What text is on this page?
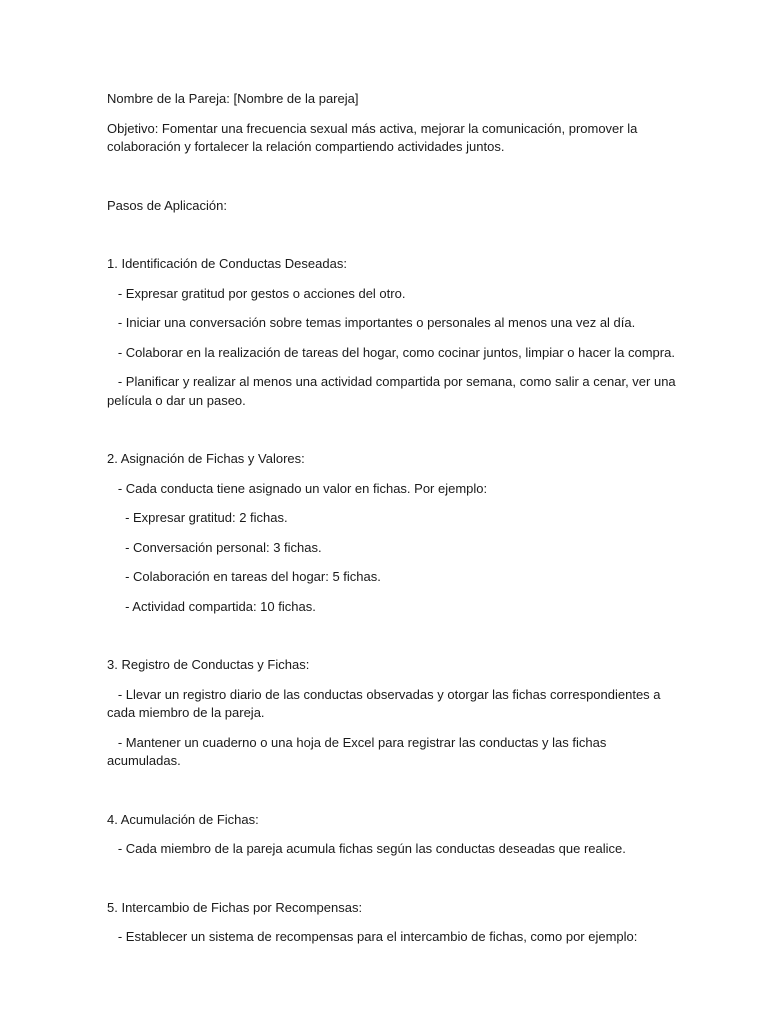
Nombre de la Pareja: [Nombre de la pareja]

Objetivo: Fomentar una frecuencia sexual más activa, mejorar la comunicación, promover la colaboración y fortalecer la relación compartiendo actividades juntos.

Pasos de Aplicación:

1. Identificación de Conductas Deseadas:

- Expresar gratitud por gestos o acciones del otro.

- Iniciar una conversación sobre temas importantes o personales al menos una vez al día.

- Colaborar en la realización de tareas del hogar, como cocinar juntos, limpiar o hacer la compra.

- Planificar y realizar al menos una actividad compartida por semana, como salir a cenar, ver una película o dar un paseo.

2. Asignación de Fichas y Valores:

- Cada conducta tiene asignado un valor en fichas. Por ejemplo:

- Expresar gratitud: 2 fichas.

- Conversación personal: 3 fichas.

- Colaboración en tareas del hogar: 5 fichas.

- Actividad compartida: 10 fichas.

3. Registro de Conductas y Fichas:

- Llevar un registro diario de las conductas observadas y otorgar las fichas correspondientes a cada miembro de la pareja.

- Mantener un cuaderno o una hoja de Excel para registrar las conductas y las fichas acumuladas.

4. Acumulación de Fichas:

- Cada miembro de la pareja acumula fichas según las conductas deseadas que realice.

5. Intercambio de Fichas por Recompensas:

- Establecer un sistema de recompensas para el intercambio de fichas, como por ejemplo:
